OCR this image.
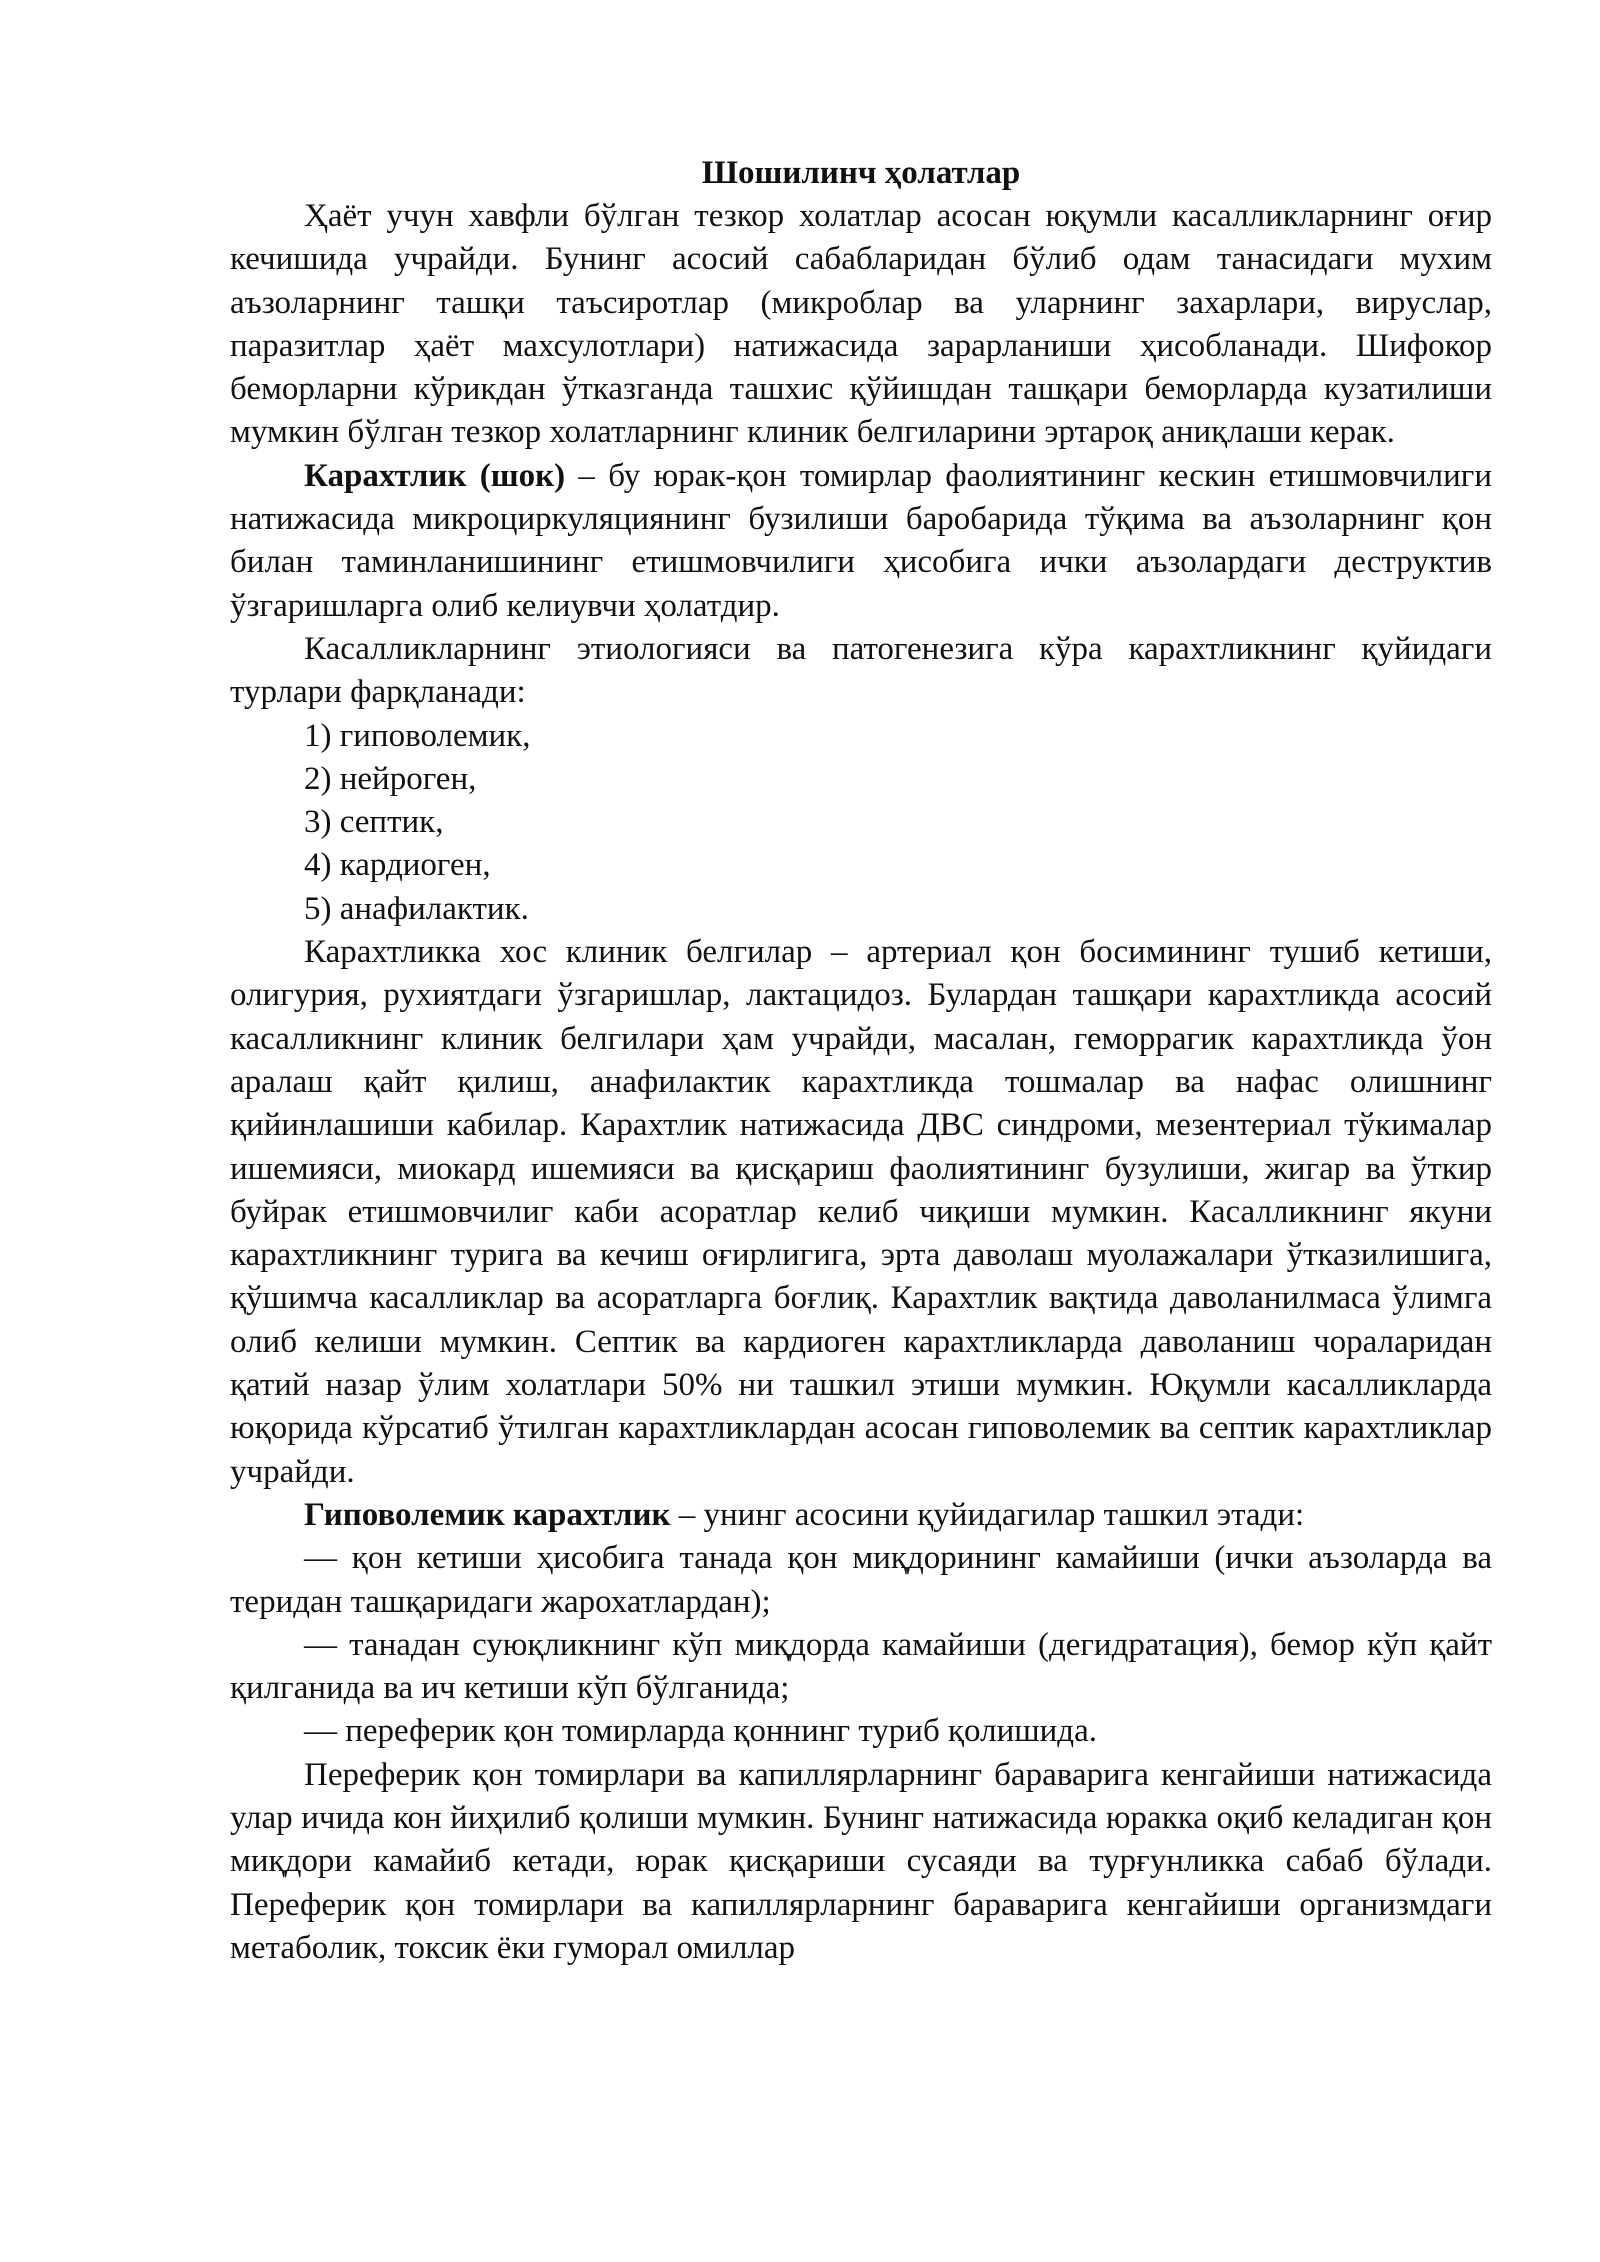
Шошилинч ҳолатлар

Ҳаёт учун хавфли бўлган тезкор холатлар асосан юқумли касалликларнинг оғир кечишида учрайди. Бунинг асосий сабабларидан бўлиб одам танасидаги мухим аъзоларнинг ташқи таъсиротлар (микроблар ва уларнинг захарлари, вируслар, паразитлар ҳаёт махсулотлари) натижасида зарарланиши ҳисобланади. Шифокор беморларни кўрикдан ўтказганда ташхис қўйишдан ташқари беморларда кузатилиши мумкин бўлган тезкор холатларнинг клиник белгиларини эртароқ аниқлаши керак.

Карахтлик (шок) – бу юрак-қон томирлар фаолиятининг кескин етишмовчилиги натижасида микроциркуляциянинг бузилиши баробарида тўқима ва аъзоларнинг қон билан таминланишининг етишмовчилиги ҳисобига ички аъзолардаги деструктив ўзгаришларга олиб келиувчи ҳолатдир.

Касалликларнинг этиологияси ва патогенезига кўра карахтликнинг қуйидаги турлари фарқланади:

1) гиповолемик,
2) нейроген,
3) септик,
4) кардиоген,
5) анафилактик.

Карахтликка хос клиник белгилар – артериал қон босимининг тушиб кетиши, олигурия, рухиятдаги ўзгаришлар, лактацидоз. Булардан ташқари карахтликда асосий касалликнинг клиник белгилари ҳам учрайди, масалан, геморрагик карахтликда ўон аралаш қайт қилиш, анафилактик карахтликда тошмалар ва нафас олишнинг қийинлашиши кабилар. Карахтлик натижасида ДВС синдроми, мезентериал тўкималар ишемияси, миокард ишемияси ва қисқариш фаолиятининг бузулиши, жигар ва ўткир буйрак етишмовчилиг каби асоратлар келиб чиқиши мумкин. Касалликнинг якуни карахтликнинг турига ва кечиш оғирлигига, эрта даволаш муолажалари ўтказилишига, қўшимча касалликлар ва асоратларга боғлиқ. Карахтлик вақтида даволанилмаса ўлимга олиб келиши мумкин. Септик ва кардиоген карахтликларда даволаниш чораларидан қатий назар ўлим холатлари 50% ни ташкил этиши мумкин. Юқумли касалликларда юқорида кўрсатиб ўтилган карахтликлардан асосан гиповолемик ва септик карахтликлар учрайди.

Гиповолемик карахтлик – унинг асосини қуйидагилар ташкил этади:

— қон кетиши ҳисобига танада қон миқдорининг камайиши (ички аъзоларда ва теридан ташқаридаги жарохатлардан);

— танадан суюқликнинг кўп миқдорда камайиши (дегидратация), бемор кўп қайт қилганида ва ич кетиши кўп бўлганида;

— переферик қон томирларда қоннинг туриб қолишида.

Переферик қон томирлари ва капиллярларнинг бараваригa кенгайиши натижасида улар ичида кон йиҳилиб қолиши мумкин. Бунинг натижасида юракка оқиб келадиган қон миқдори камайиб кетади, юрак қисқариши сусаяди ва турғунликка сабаб бўлади. Переферик қон томирлари ва капиллярларнинг бараваригa кенгайиши организмдаги метаболик, токсик ёки гуморал омиллар
